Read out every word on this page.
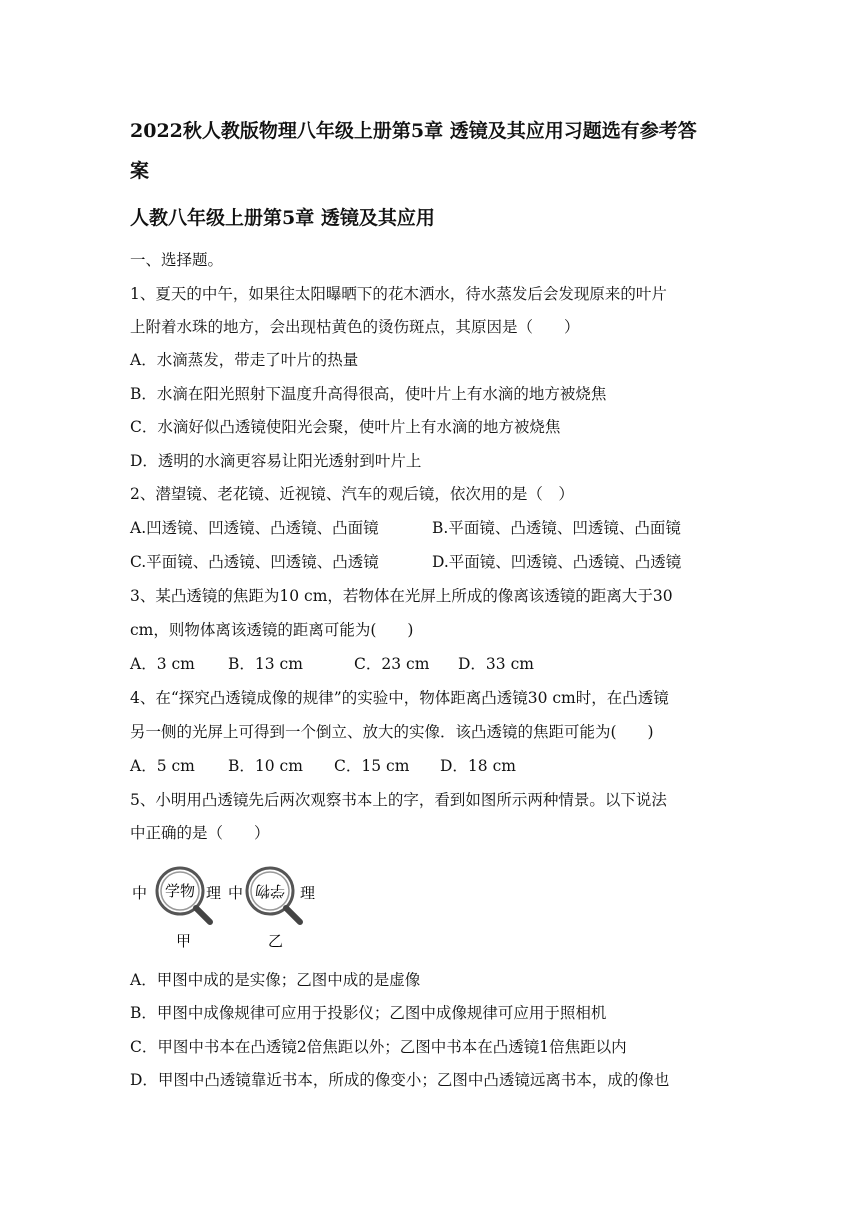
2022秋人教版物理八年级上册第5章 透镜及其应用习题选有参考答
案
人教八年级上册第5章 透镜及其应用
一、选择题。
1、夏天的中午，如果往太阳曝晒下的花木洒水，待水蒸发后会发现原来的叶片
上附着水珠的地方，会出现枯黄色的烫伤斑点，其原因是（　　）
A．水滴蒸发，带走了叶片的热量
B．水滴在阳光照射下温度升高得很高，使叶片上有水滴的地方被烧焦
C．水滴好似凸透镜使阳光会聚，使叶片上有水滴的地方被烧焦
D．透明的水滴更容易让阳光透射到叶片上
2、潜望镜、老花镜、近视镜、汽车的观后镜，依次用的是（　）
A.凹透镜、凹透镜、凸透镜、凸面镜	B.平面镜、凸透镜、凹透镜、凸面镜
C.平面镜、凸透镜、凹透镜、凸透镜	D.平面镜、凹透镜、凸透镜、凸透镜
3、某凸透镜的焦距为10 cm，若物体在光屏上所成的像离该透镜的距离大于30
cm，则物体离该透镜的距离可能为(　　)
A．3 cm B．13 cm	C．23 cm D．33 cm
4、在“探究凸透镜成像的规律”的实验中，物体距离凸透镜30 cm时，在凸透镜
另一侧的光屏上可得到一个倒立、放大的实像．该凸透镜的焦距可能为(　　)
A．5 cm B．10 cm C．15 cm D．18 cm
5、小明用凸透镜先后两次观察书本上的字，看到如图所示两种情景。以下说法
中正确的是（　　）
中 学物 理
甲
中 学物 理
乙
A．甲图中成的是实像；乙图中成的是虚像
B．甲图中成像规律可应用于投影仪；乙图中成像规律可应用于照相机
C．甲图中书本在凸透镜2倍焦距以外；乙图中书本在凸透镜1倍焦距以内
D．甲图中凸透镜靠近书本，所成的像变小；乙图中凸透镜远离书本，成的像也
